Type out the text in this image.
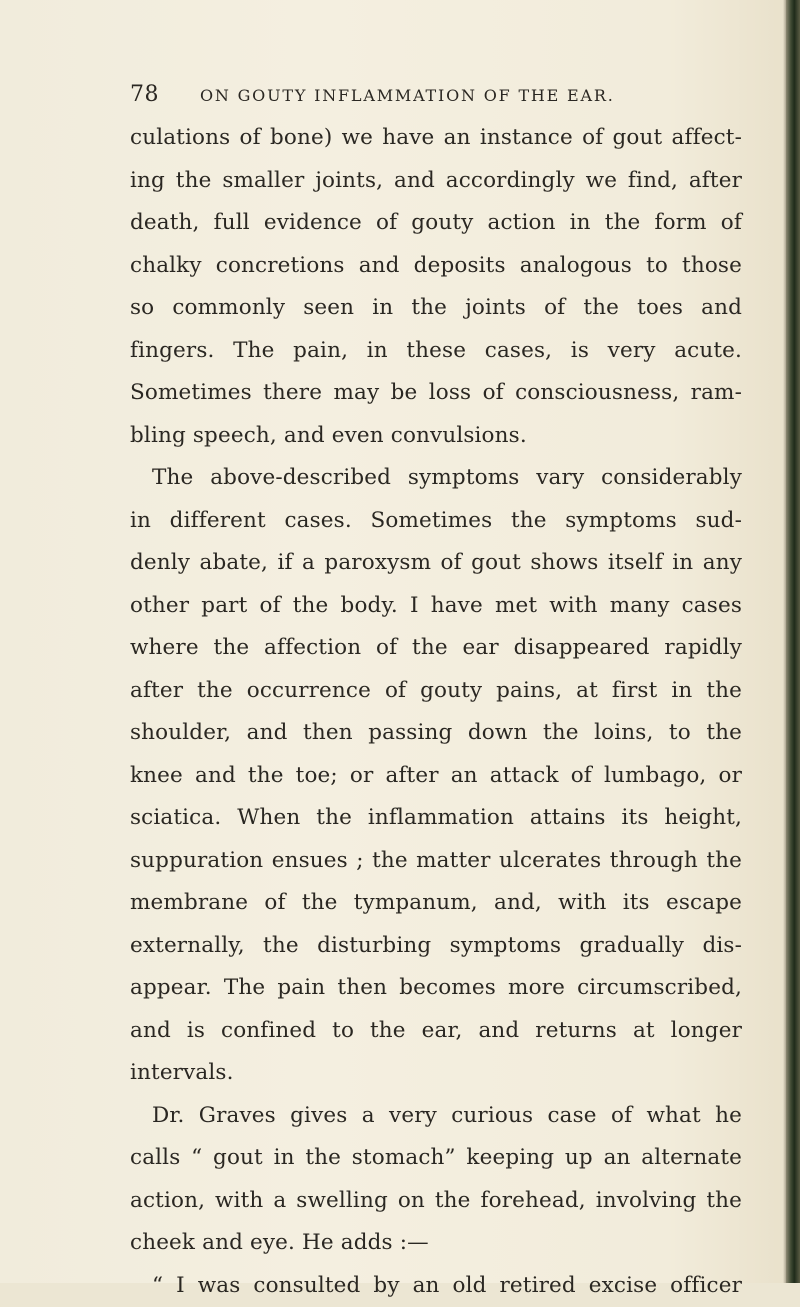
78	ON GOUTY INFLAMMATION OF THE EAR.
culations of bone) we have an instance of gout affect-
ing the smaller joints, and accordingly we find, after
death, full evidence of gouty action in the form of
chalky concretions and deposits analogous to those
so commonly seen in the joints of the toes and
fingers. The pain, in these cases, is very acute.
Sometimes there may be loss of consciousness, ram-
bling speech, and even convulsions.
The above-described symptoms vary considerably
in different cases. Sometimes the symptoms sud-
denly abate, if a paroxysm of gout shows itself in any
other part of the body. I have met with many cases
where the affection of the ear disappeared rapidly
after the occurrence of gouty pains, at first in the
shoulder, and then passing down the loins, to the
knee and the toe; or after an attack of lumbago, or
sciatica. When the inflammation attains its height,
suppuration ensues ; the matter ulcerates through the
membrane of the tympanum, and, with its escape
externally, the disturbing symptoms gradually dis-
appear. The pain then becomes more circumscribed,
and is confined to the ear, and returns at longer
intervals.
Dr. Graves gives a very curious case of what he
calls “ gout in the stomach” keeping up an alternate
action, with a swelling on the forehead, involving the
cheek and eye. He adds :—
“ I was consulted by an old retired excise officer
